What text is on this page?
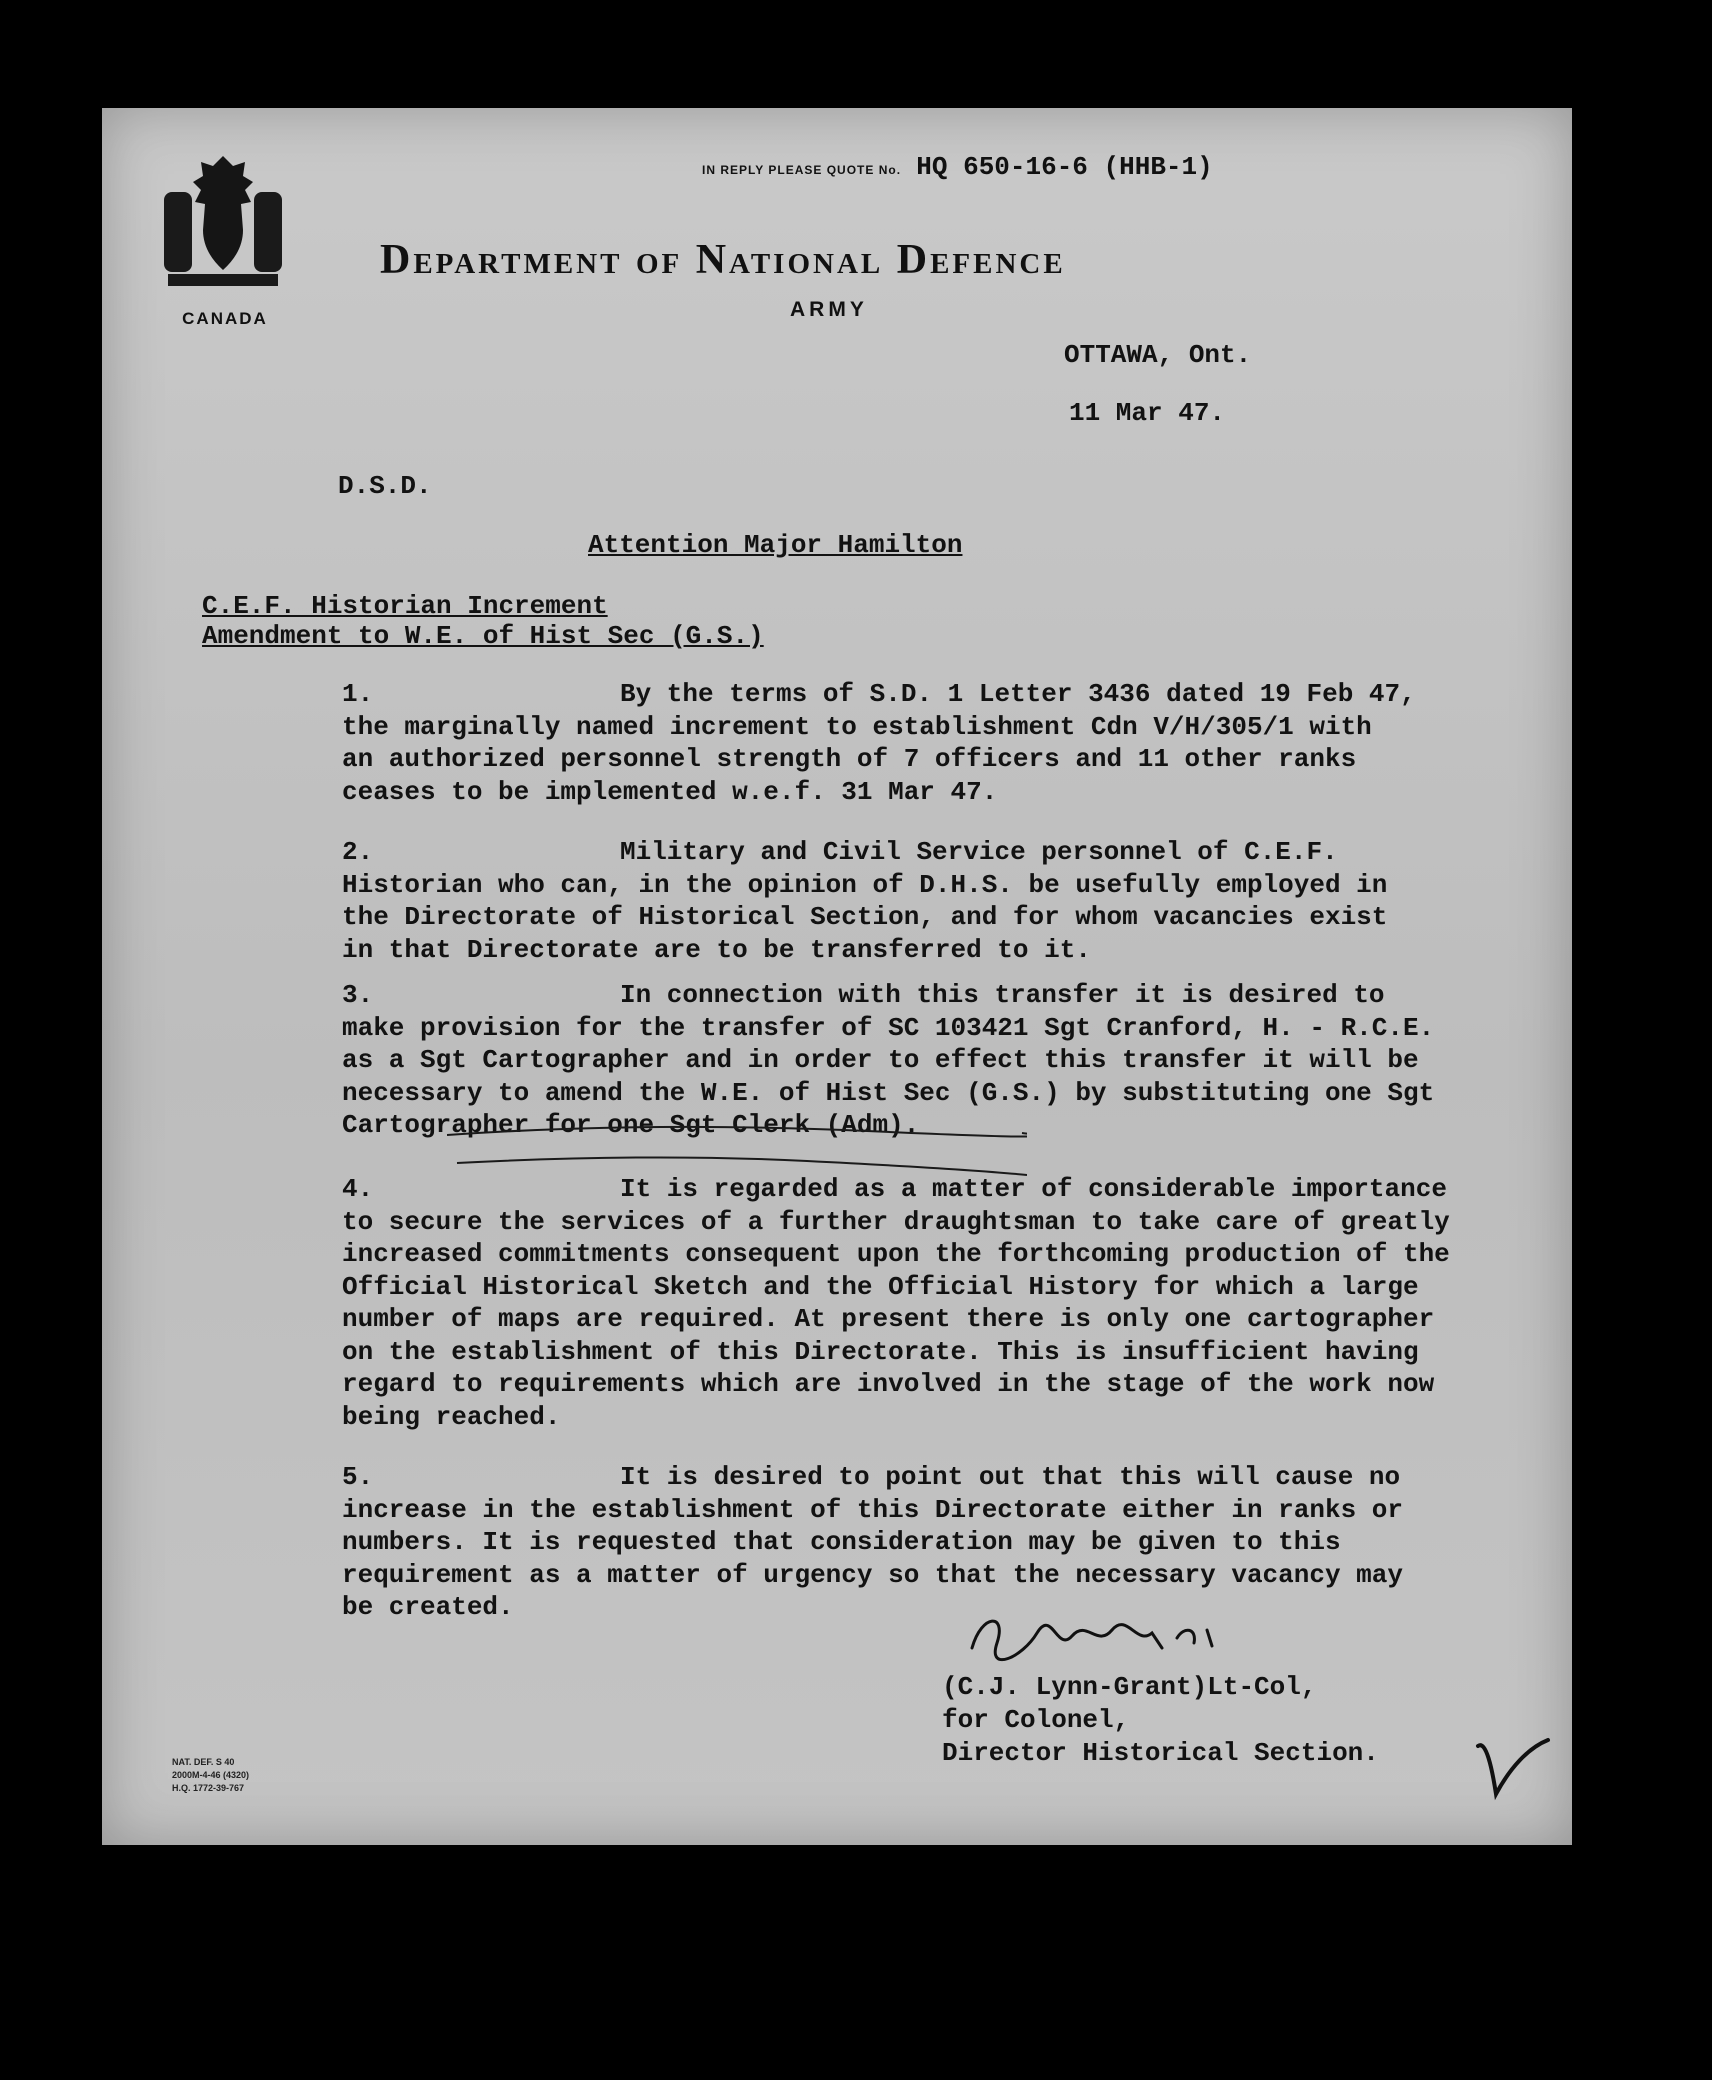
CANADA
IN REPLY PLEASE QUOTE No. HQ 650-16-6 (HHB-1)
Department of National Defence
ARMY
OTTAWA, Ont.
11 Mar 47.
D.S.D.
Attention Major Hamilton
C.E.F. Historian Increment
Amendment to W.E. of Hist Sec (G.S.)
1.	By the terms of S.D. 1 Letter 3436 dated 19 Feb 47,
the marginally named increment to establishment Cdn V/H/305/1 with
an authorized personnel strength of 7 officers and 11 other ranks
ceases to be implemented w.e.f. 31 Mar 47.
2.	Military and Civil Service personnel of C.E.F.
Historian who can, in the opinion of D.H.S. be usefully employed in
the Directorate of Historical Section, and for whom vacancies exist
in that Directorate are to be transferred to it.
3.	In connection with this transfer it is desired to
make provision for the transfer of SC 103421 Sgt Cranford, H. - R.C.E.
as a Sgt Cartographer and in order to effect this transfer it will be
necessary to amend the W.E. of Hist Sec (G.S.) by substituting one Sgt
Cartographer for one Sgt Clerk (Adm).
4.	It is regarded as a matter of considerable importance
to secure the services of a further draughtsman to take care of greatly
increased commitments consequent upon the forthcoming production of the
Official Historical Sketch and the Official History for which a large
number of maps are required. At present there is only one cartographer
on the establishment of this Directorate. This is insufficient having
regard to requirements which are involved in the stage of the work now
being reached.
5.	It is desired to point out that this will cause no
increase in the establishment of this Directorate either in ranks or
numbers. It is requested that consideration may be given to this
requirement as a matter of urgency so that the necessary vacancy may
be created.
(C.J. Lynn-Grant)Lt-Col,
for Colonel,
Director Historical Section.
NAT. DEF. S 40
2000M-4-46 (4320)
H.Q. 1772-39-767
